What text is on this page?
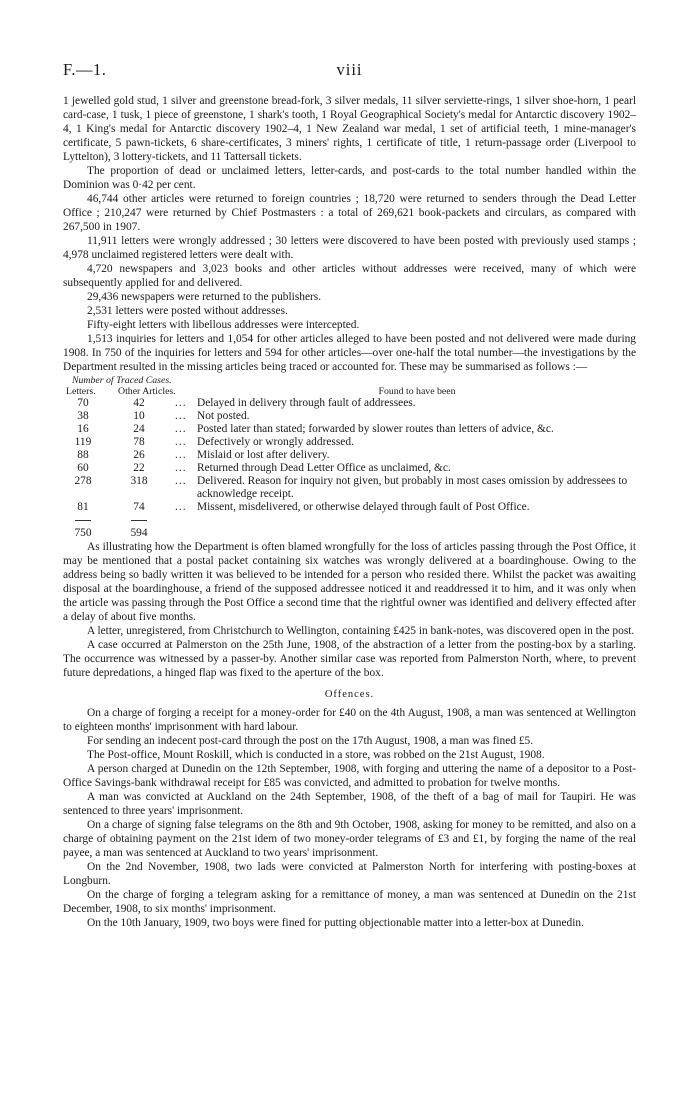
F.—1.	viii

1 jewelled gold stud, 1 silver and greenstone bread-fork, 3 silver medals, 11 silver serviette-rings, 1 silver shoe-horn, 1 pearl card-case, 1 tusk, 1 piece of greenstone, 1 shark's tooth, 1 Royal Geographical Society's medal for Antarctic discovery 1902–4, 1 King's medal for Antarctic discovery 1902–4, 1 New Zealand war medal, 1 set of artificial teeth, 1 mine-manager's certificate, 5 pawn-tickets, 6 share-certificates, 3 miners' rights, 1 certificate of title, 1 return-passage order (Liverpool to Lyttelton), 3 lottery-tickets, and 11 Tattersall tickets.

The proportion of dead or unclaimed letters, letter-cards, and post-cards to the total number handled within the Dominion was 0·42 per cent.

46,744 other articles were returned to foreign countries ; 18,720 were returned to senders through the Dead Letter Office ; 210,247 were returned by Chief Postmasters : a total of 269,621 book-packets and circulars, as compared with 267,500 in 1907.

11,911 letters were wrongly addressed ; 30 letters were discovered to have been posted with previously used stamps ; 4,978 unclaimed registered letters were dealt with.

4,720 newspapers and 3,023 books and other articles without addresses were received, many of which were subsequently applied for and delivered.

29,436 newspapers were returned to the publishers.

2,531 letters were posted without addresses.

Fifty-eight letters with libellous addresses were intercepted.

1,513 inquiries for letters and 1,054 for other articles alleged to have been posted and not delivered were made during 1908. In 750 of the inquiries for letters and 594 for other articles—over one-half the total number—the investigations by the Department resulted in the missing articles being traced or accounted for. These may be summarised as follows :—

Number of Traced Cases.
Letters.	Other Articles.	Found to have been
70	42	...	Delayed in delivery through fault of addressees.
38	10	...	Not posted.
16	24	...	Posted later than stated; forwarded by slower routes than letters of advice, &c.
119	78	...	Defectively or wrongly addressed.
88	26	...	Mislaid or lost after delivery.
60	22	...	Returned through Dead Letter Office as unclaimed, &c.
278	318	...	Delivered. Reason for inquiry not given, but probably in most cases omission by addressees to acknowledge receipt.
81	74	...	Missent, misdelivered, or otherwise delayed through fault of Post Office.

750	594		

As illustrating how the Department is often blamed wrongfully for the loss of articles passing through the Post Office, it may be mentioned that a postal packet containing six watches was wrongly delivered at a boardinghouse. Owing to the address being so badly written it was believed to be intended for a person who resided there. Whilst the packet was awaiting disposal at the boardinghouse, a friend of the supposed addressee noticed it and readdressed it to him, and it was only when the article was passing through the Post Office a second time that the rightful owner was identified and delivery effected after a delay of about five months.

A letter, unregistered, from Christchurch to Wellington, containing £425 in bank-notes, was discovered open in the post.

A case occurred at Palmerston on the 25th June, 1908, of the abstraction of a letter from the posting-box by a starling. The occurrence was witnessed by a passer-by. Another similar case was reported from Palmerston North, where, to prevent future depredations, a hinged flap was fixed to the aperture of the box.

Offences.

On a charge of forging a receipt for a money-order for £40 on the 4th August, 1908, a man was sentenced at Wellington to eighteen months' imprisonment with hard labour.

For sending an indecent post-card through the post on the 17th August, 1908, a man was fined £5.

The Post-office, Mount Roskill, which is conducted in a store, was robbed on the 21st August, 1908.

A person charged at Dunedin on the 12th September, 1908, with forging and uttering the name of a depositor to a Post-Office Savings-bank withdrawal receipt for £85 was convicted, and admitted to probation for twelve months.

A man was convicted at Auckland on the 24th September, 1908, of the theft of a bag of mail for Taupiri. He was sentenced to three years' imprisonment.

On a charge of signing false telegrams on the 8th and 9th October, 1908, asking for money to be remitted, and also on a charge of obtaining payment on the 21st idem of two money-order telegrams of £3 and £1, by forging the name of the real payee, a man was sentenced at Auckland to two years' imprisonment.

On the 2nd November, 1908, two lads were convicted at Palmerston North for interfering with posting-boxes at Longburn.

On the charge of forging a telegram asking for a remittance of money, a man was sentenced at Dunedin on the 21st December, 1908, to six months' imprisonment.

On the 10th January, 1909, two boys were fined for putting objectionable matter into a letter-box at Dunedin.
